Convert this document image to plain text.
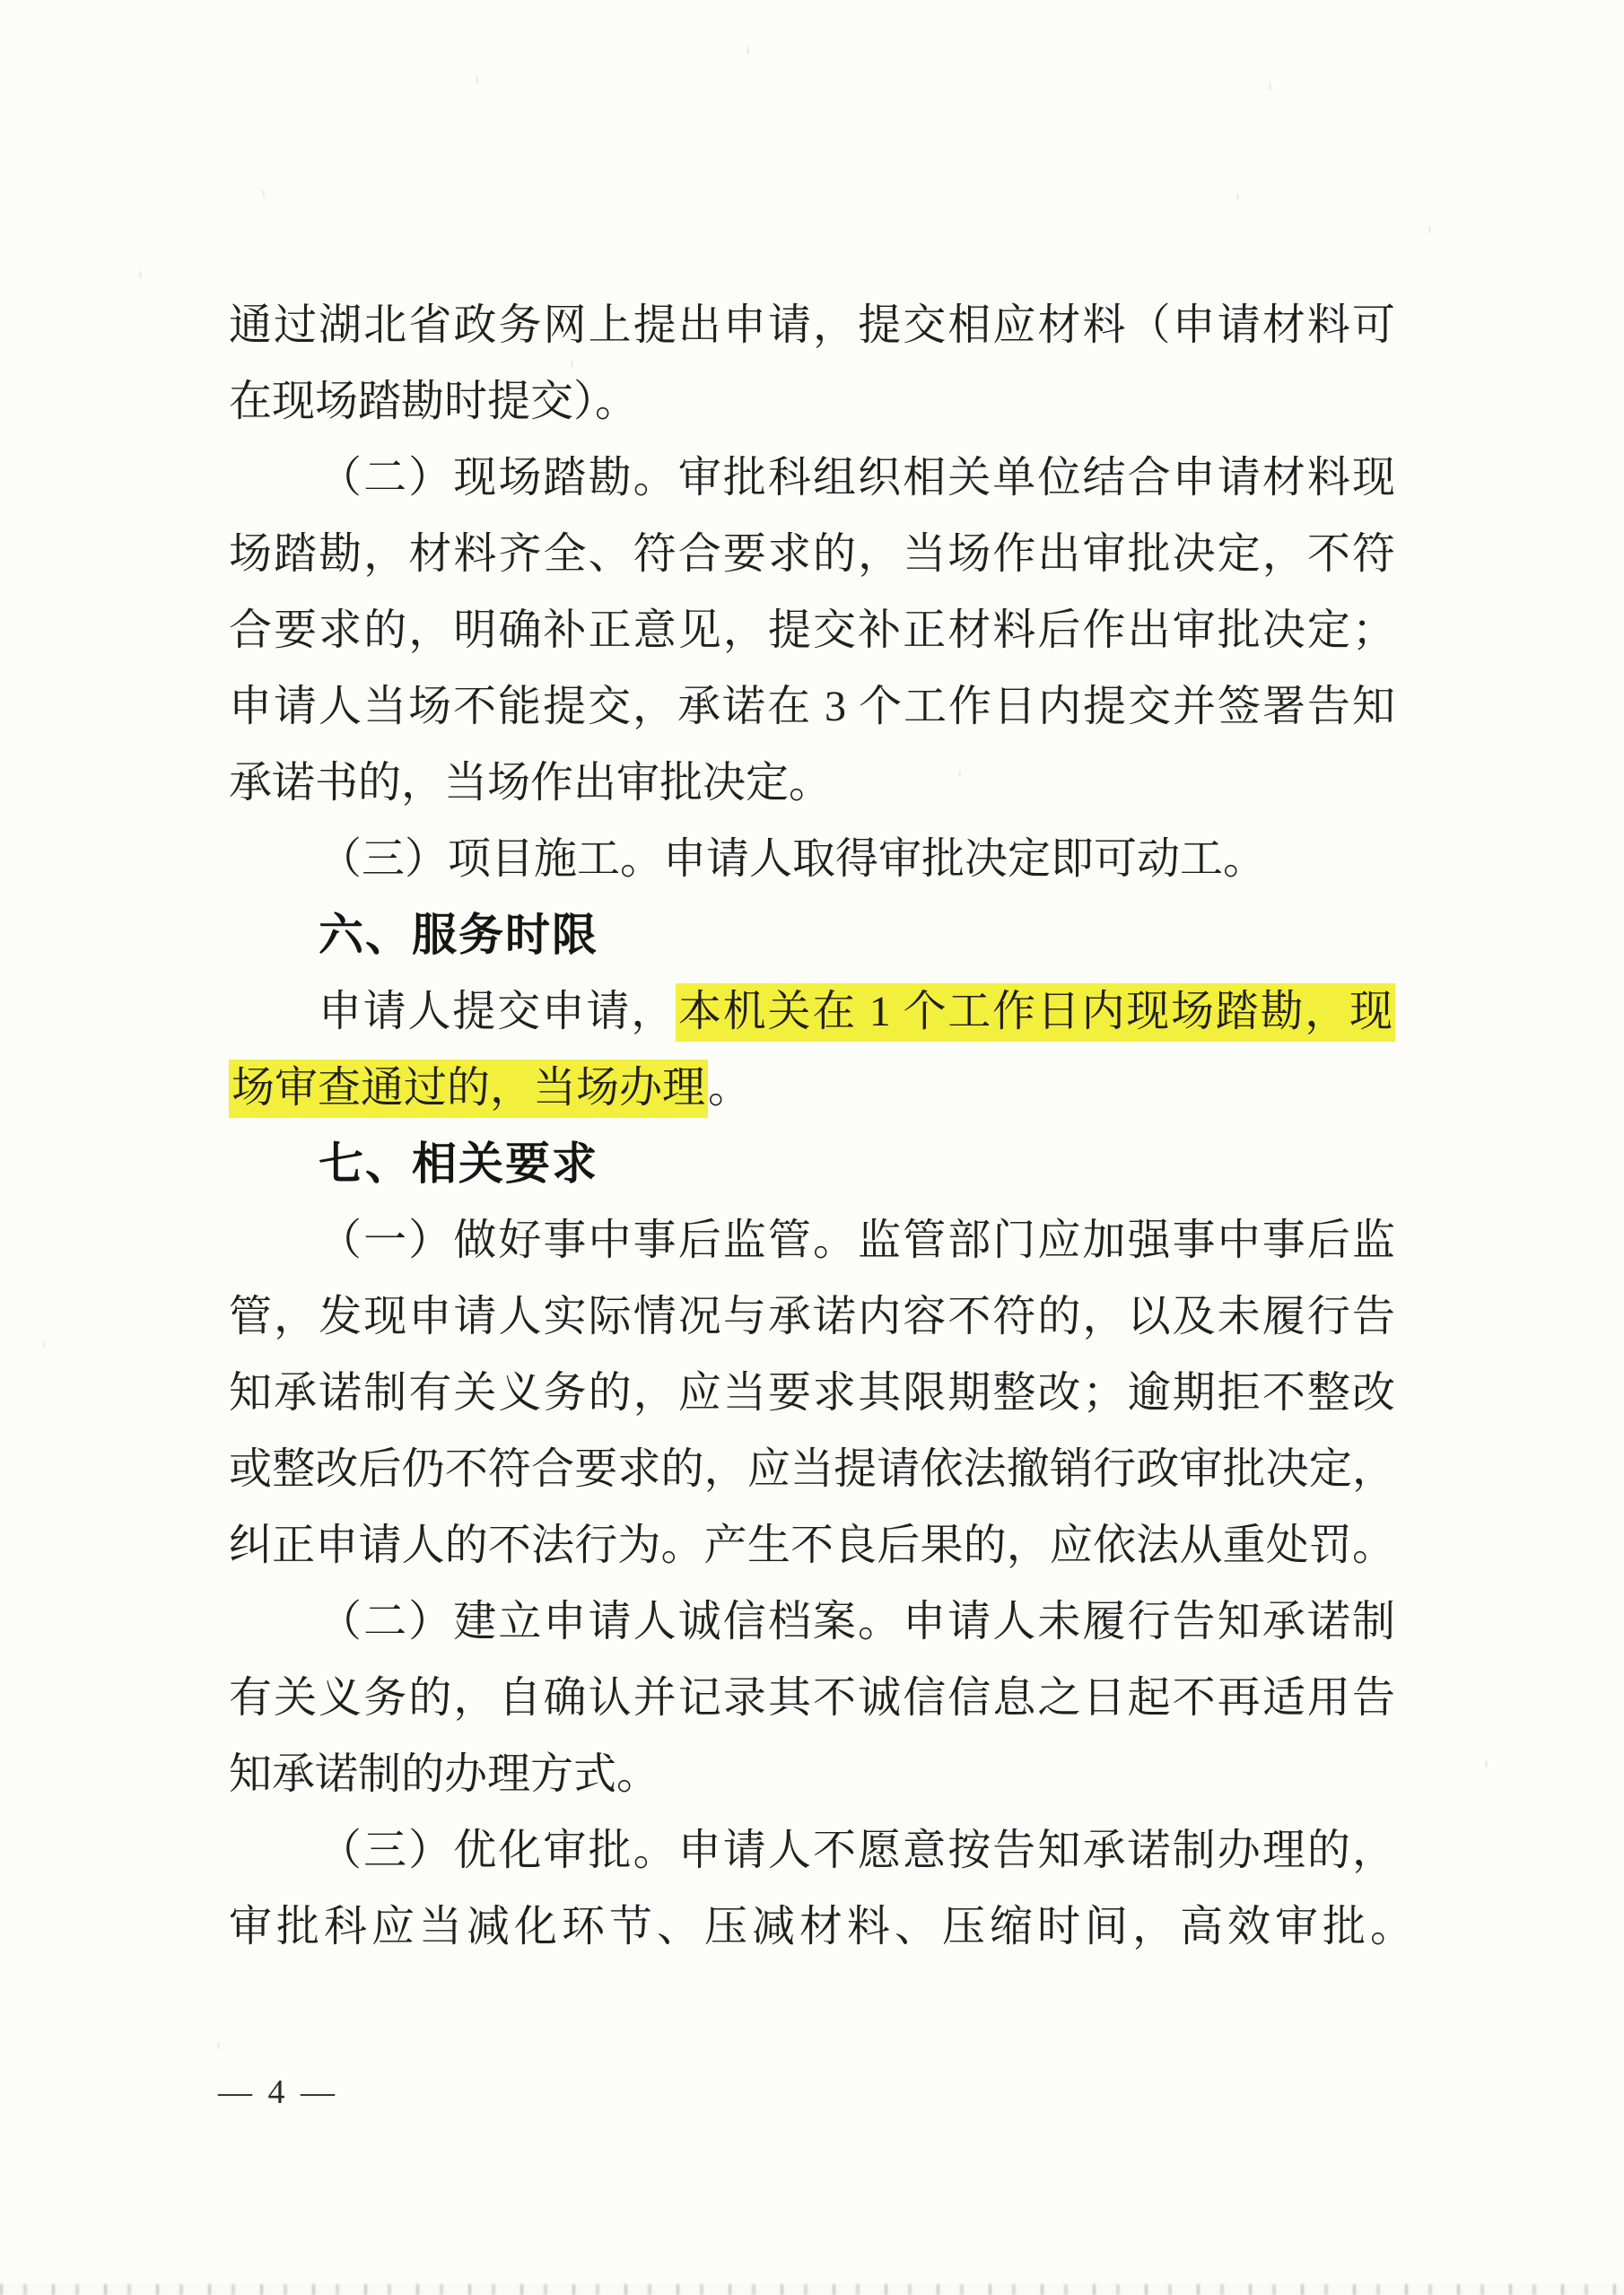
通过湖北省政务网上提出申请，提交相应材料（申请材料可
在现场踏勘时提交）。
（二）现场踏勘。审批科组织相关单位结合申请材料现
场踏勘，材料齐全、符合要求的，当场作出审批决定，不符
合要求的，明确补正意见，提交补正材料后作出审批决定；
申请人当场不能提交，承诺在 3 个工作日内提交并签署告知
承诺书的，当场作出审批决定。
（三）项目施工。申请人取得审批决定即可动工。
六、服务时限
申请人提交申请，本机关在 1 个工作日内现场踏勘，现
场审查通过的，当场办理。
七、相关要求
（一）做好事中事后监管。监管部门应加强事中事后监
管，发现申请人实际情况与承诺内容不符的，以及未履行告
知承诺制有关义务的，应当要求其限期整改；逾期拒不整改
或整改后仍不符合要求的，应当提请依法撤销行政审批决定，
纠正申请人的不法行为。产生不良后果的，应依法从重处罚。
（二）建立申请人诚信档案。申请人未履行告知承诺制
有关义务的，自确认并记录其不诚信信息之日起不再适用告
知承诺制的办理方式。
（三）优化审批。申请人不愿意按告知承诺制办理的，
审批科应当减化环节、压减材料、压缩时间，高效审批。
— 4 —
